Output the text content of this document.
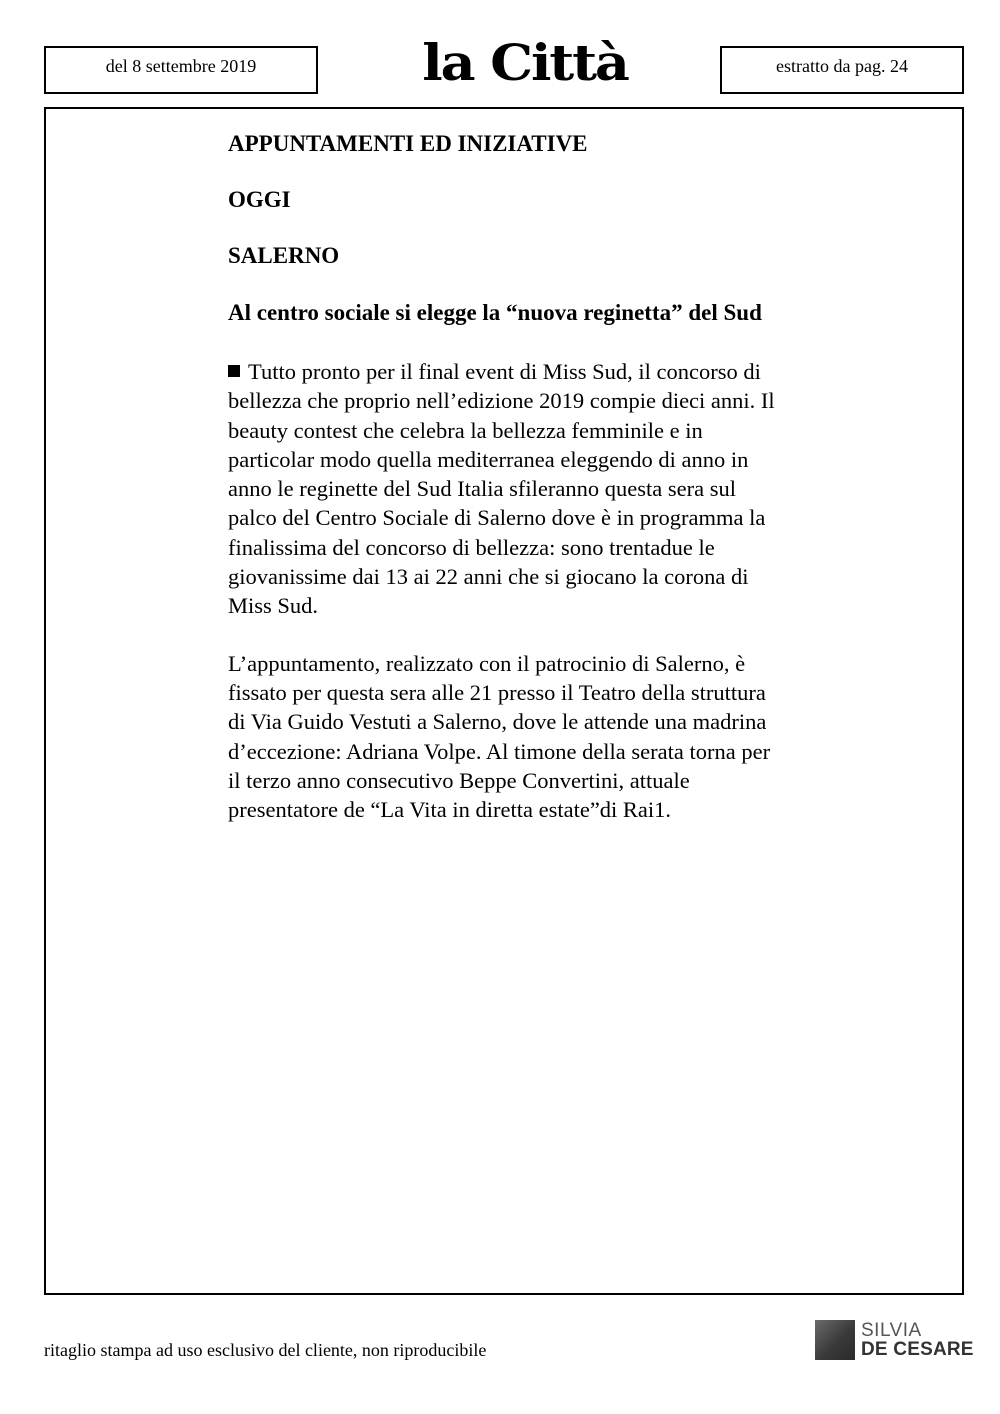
del 8 settembre 2019	la Città	estratto da pag. 24
APPUNTAMENTI ED INIZIATIVE
OGGI
SALERNO
Al centro sociale si elegge la “nuova reginetta” del Sud

Tutto pronto per il final event di Miss Sud, il concorso di bellezza che proprio nell’edizione 2019 compie dieci anni. Il beauty contest che celebra la bellezza femminile e in particolar modo quella mediterranea eleggendo di anno in anno le reginette del Sud Italia sfileranno questa sera sul palco del Centro Sociale di Salerno dove è in programma la finalissima del concorso di bellezza: sono trentadue le giovanissime dai 13 ai 22 anni che si giocano la corona di Miss Sud.

L’appuntamento, realizzato con il patrocinio di Salerno, è fissato per questa sera alle 21 presso il Teatro della struttura di Via Guido Vestuti a Salerno, dove le attende una madrina d’eccezione: Adriana Volpe. Al timone della serata torna per il terzo anno consecutivo Beppe Convertini, attuale presentatore de “La Vita in diretta estate”di Rai1.

ritaglio stampa ad uso esclusivo del cliente, non riproducibile
SILVIA
DE CESARE
